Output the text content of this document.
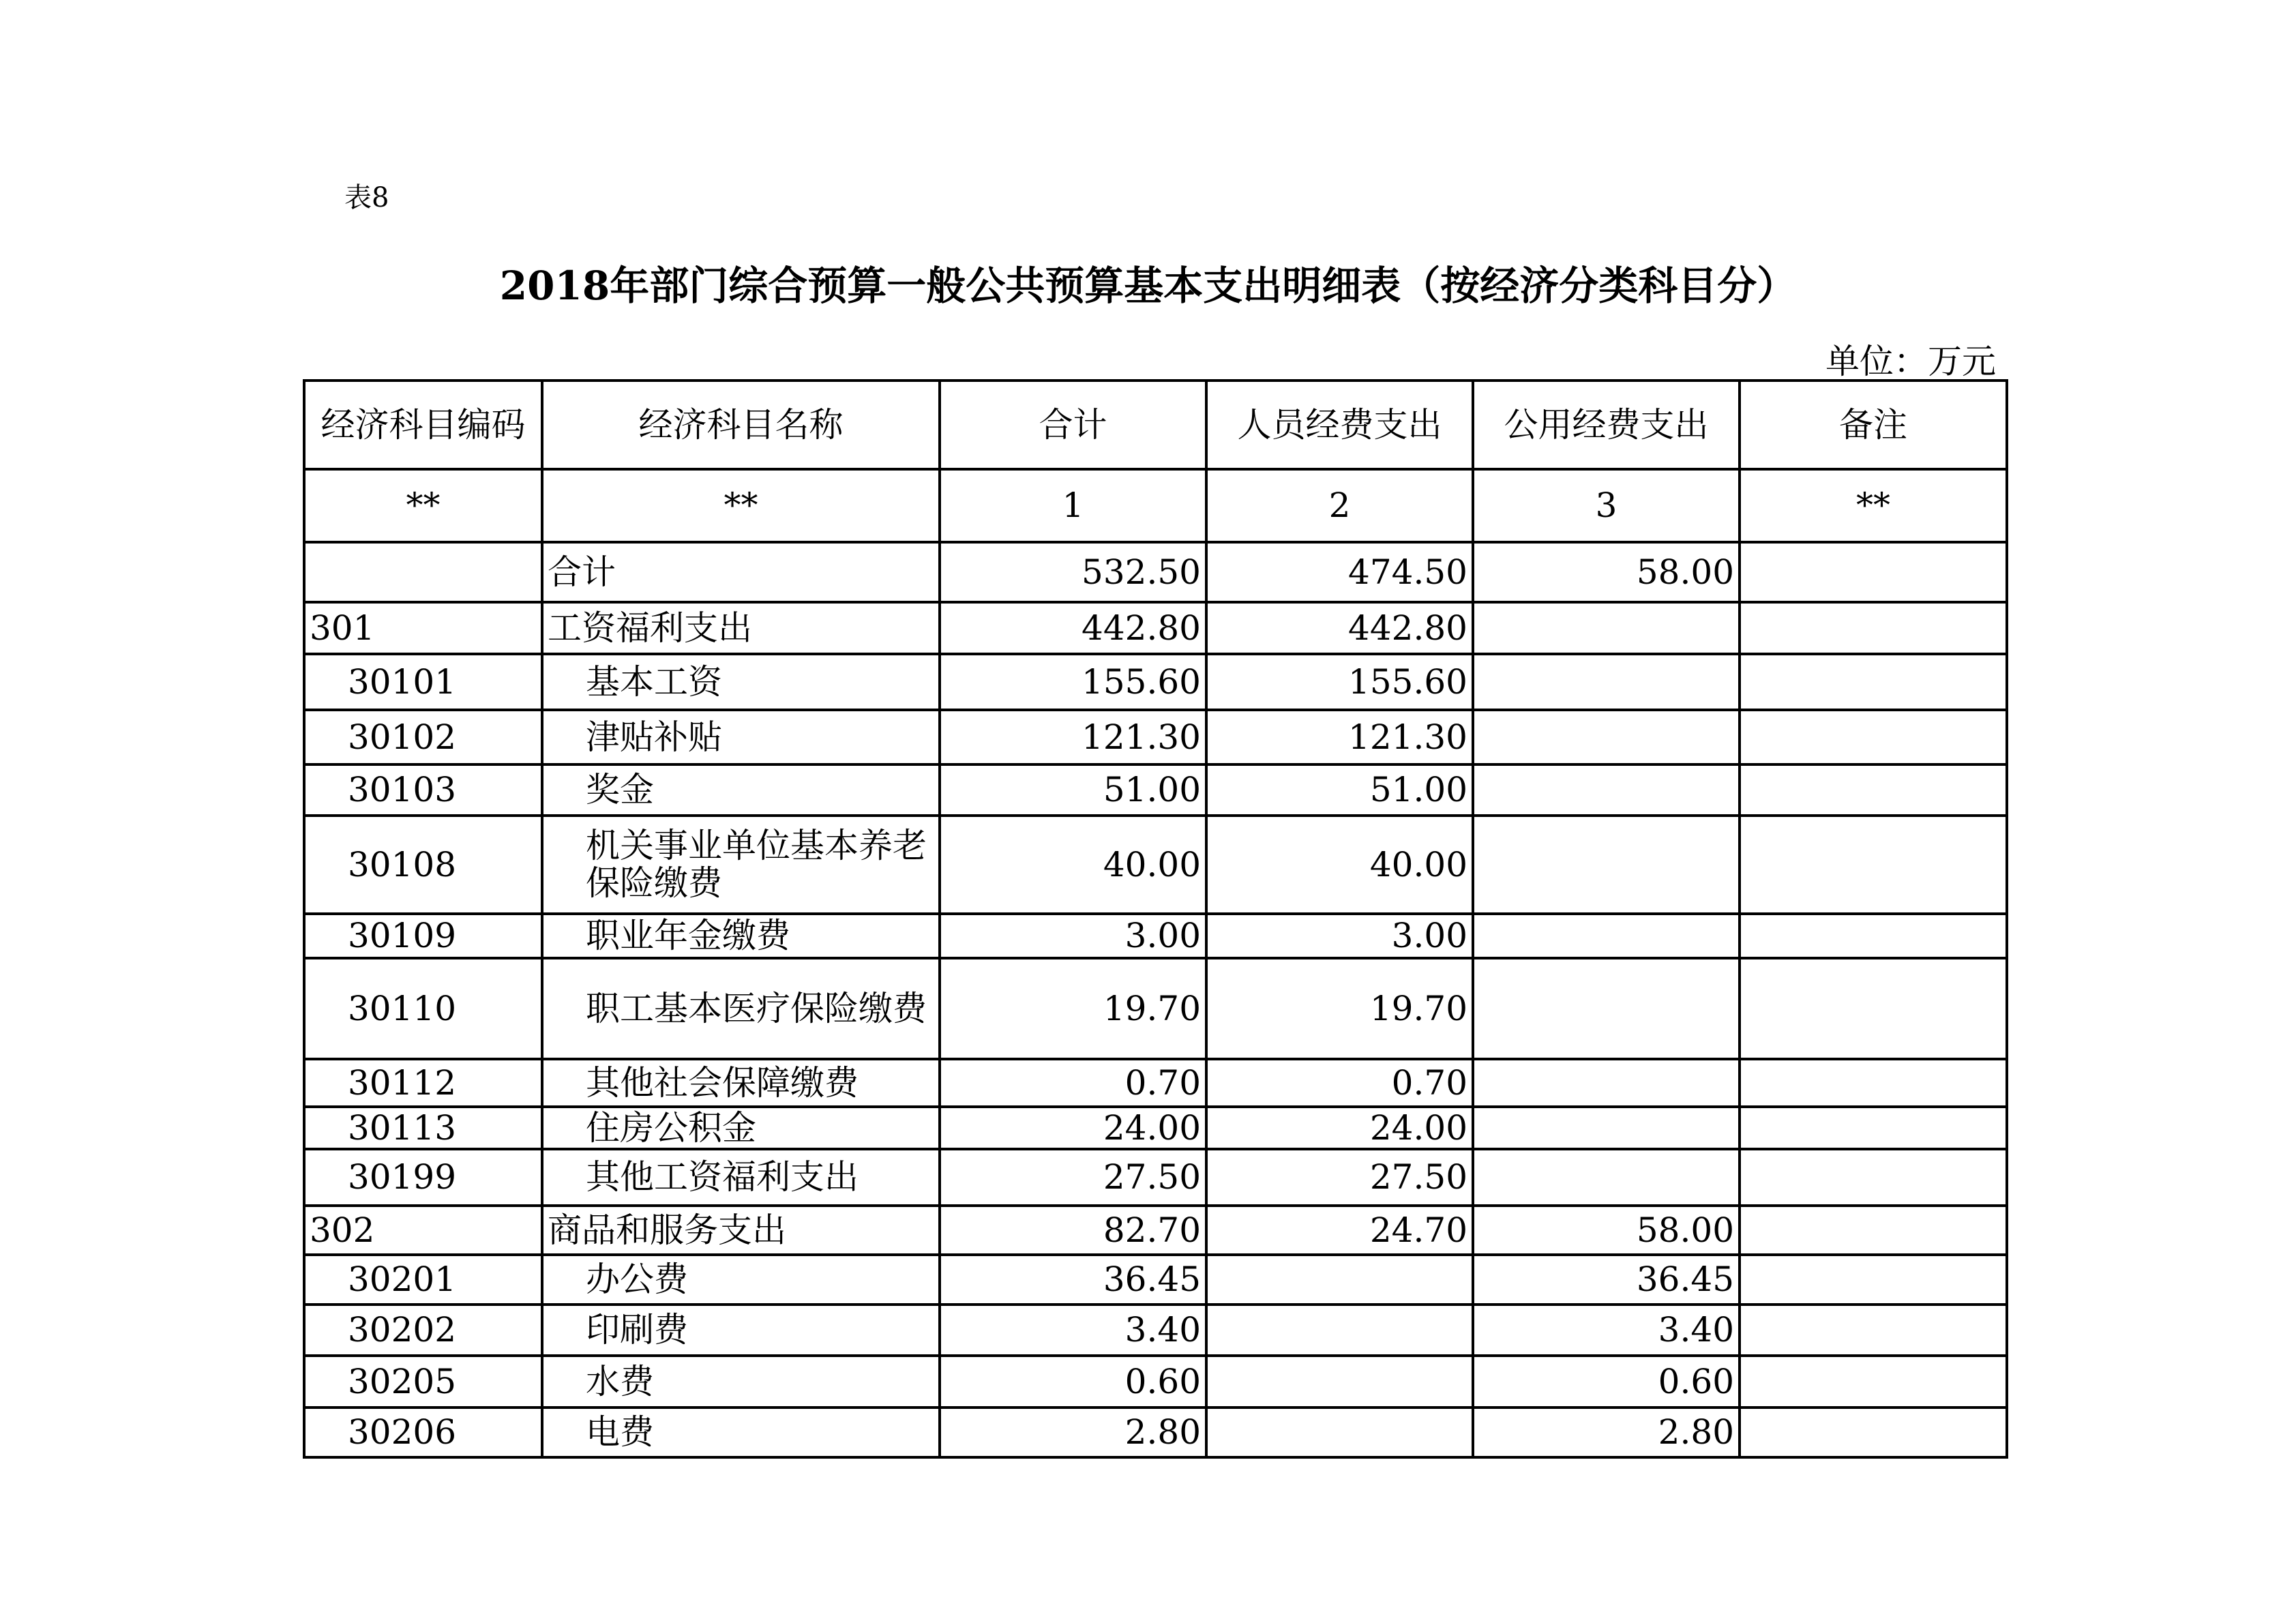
表8
2018年部门综合预算一般公共预算基本支出明细表（按经济分类科目分）
单位：万元
经济科目编码	经济科目名称	合计	人员经费支出	公用经费支出	备注
**	**	1	2	3	**
	合计	532.50	474.50	58.00	
301	工资福利支出	442.80	442.80		
30101	基本工资	155.60	155.60		
30102	津贴补贴	121.30	121.30		
30103	奖金	51.00	51.00		
30108	机关事业单位基本养老保险缴费	40.00	40.00		
30109	职业年金缴费	3.00	3.00		
30110	职工基本医疗保险缴费	19.70	19.70		
30112	其他社会保障缴费	0.70	0.70		
30113	住房公积金	24.00	24.00		
30199	其他工资福利支出	27.50	27.50		
302	商品和服务支出	82.70	24.70	58.00	
30201	办公费	36.45		36.45	
30202	印刷费	3.40		3.40	
30205	水费	0.60		0.60	
30206	电费	2.80		2.80	
